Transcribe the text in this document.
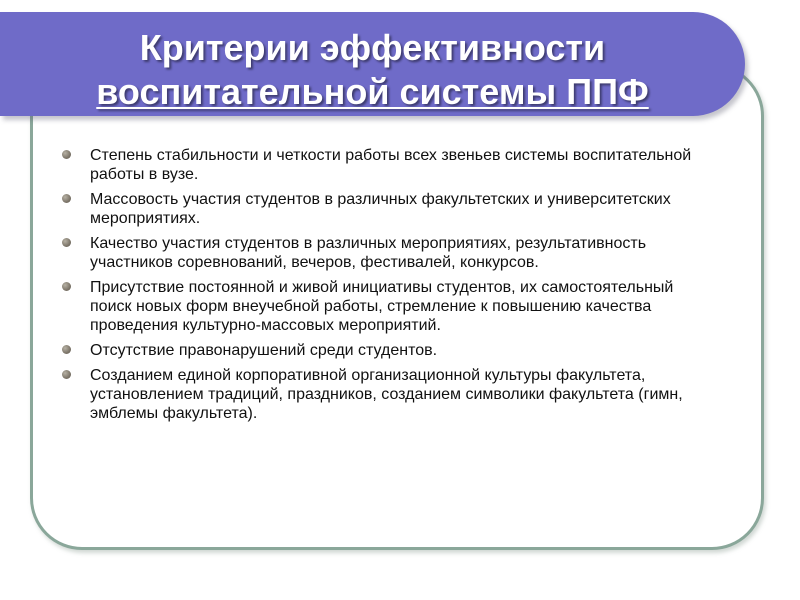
Критерии эффективности
воспитательной системы ППФ
Степень стабильности и четкости работы всех звеньев системы воспитательной работы в вузе.
Массовость участия студентов в различных факультетских и университетских мероприятиях.
Качество участия студентов в различных мероприятиях, результативность участников соревнований, вечеров, фестивалей, конкурсов.
Присутствие постоянной и живой инициативы студентов, их самостоятельный поиск новых форм внеучебной работы, стремление к повышению качества проведения культурно-массовых мероприятий.
Отсутствие правонарушений среди студентов.
Созданием единой корпоративной организационной культуры факультета, установлением традиций, праздников, созданием символики факультета (гимн, эмблемы факультета).
